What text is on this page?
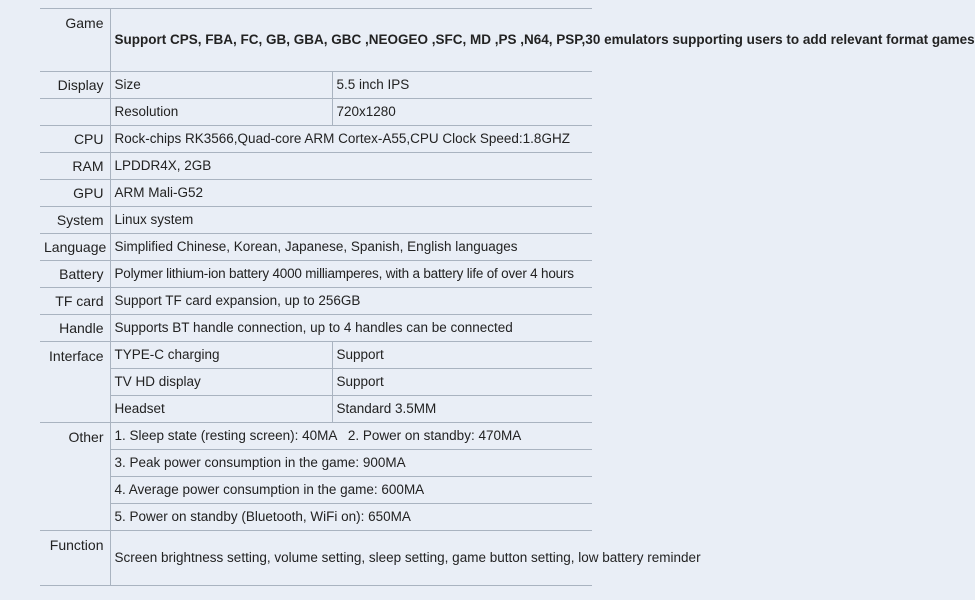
Game	Support CPS, FBA, FC, GB, GBA, GBC ,NEOGEO ,SFC, MD ,PS ,N64, PSP,30 emulators supporting users to add relevant format games	
Display	Size	5.5 inch IPS
	Resolution	720x1280
CPU	Rock-chips RK3566,Quad-core ARM Cortex-A55,CPU Clock Speed:1.8GHZ	
RAM	LPDDR4X, 2GB	
GPU	ARM Mali-G52	
System	Linux system	
Language	Simplified Chinese, Korean, Japanese, Spanish, English languages	
Battery	Polymer lithium-ion battery 4000 milliamperes, with a battery life of over 4 hours	
TF card	Support TF card expansion, up to 256GB	
Handle	Supports BT handle connection, up to 4 handles can be connected	
Interface	TYPE-C charging	Support
	TV HD display	Support
	Headset	Standard 3.5MM
Other	1. Sleep state (resting screen): 40MA   2. Power on standby: 470MA	
	3. Peak power consumption in the game: 900MA	
	4. Average power consumption in the game: 600MA	
	5. Power on standby (Bluetooth, WiFi on): 650MA	
Function	Screen brightness setting, volume setting, sleep setting, game button setting, low battery reminder	
